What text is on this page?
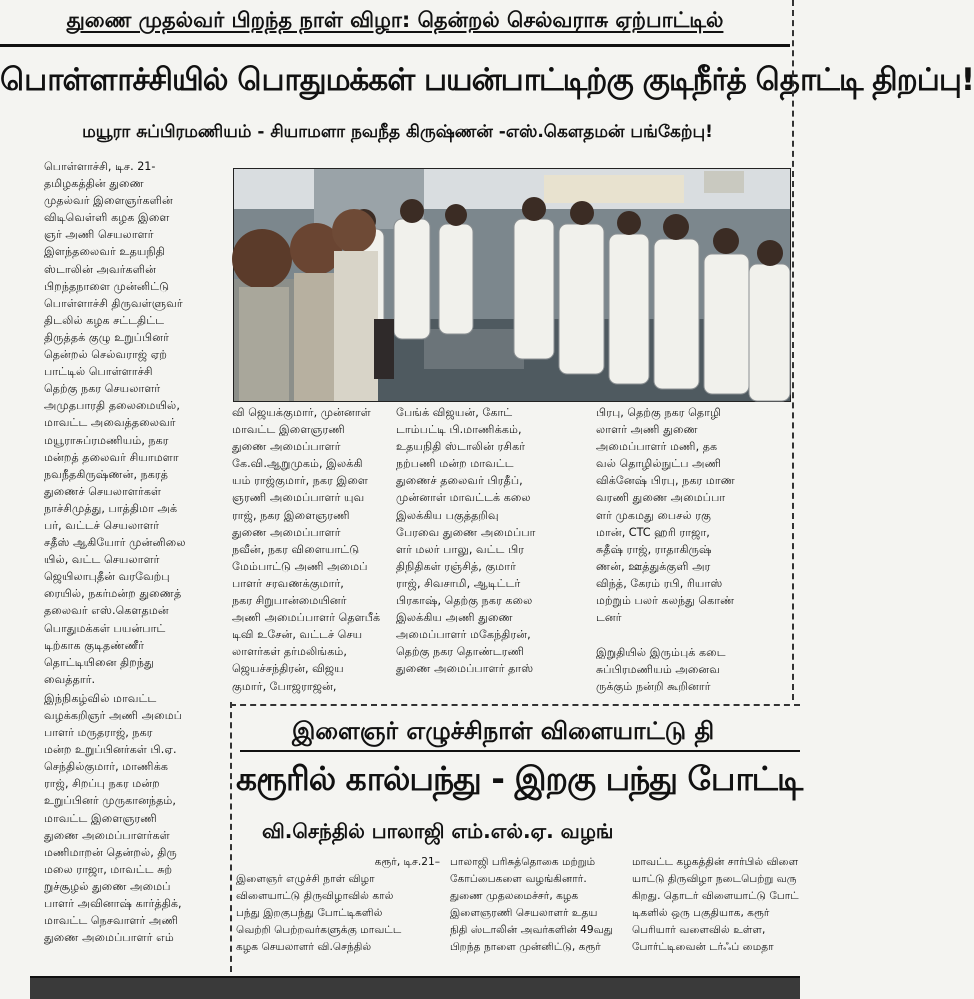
துணை முதல்வர் பிறந்த நாள் விழா: தென்றல் செல்வராசு ஏற்பாட்டில்
பொள்ளாச்சியில் பொதுமக்கள் பயன்பாட்டிற்கு குடிநீர்த் தொட்டி திறப்பு!
மயூரா சுப்பிரமணியம் - சியாமளா நவநீத கிருஷ்ணன் -எஸ்.கௌதமன் பங்கேற்பு!

பொள்ளாச்சி, டிச. 21-

தமிழகத்தின் துணை
முதல்வர் இளைஞர்களின்
விடிவெள்ளி கழக இளை
ஞர் அணி செயலாளர்
இளந்தலைவர் உதயநிதி
ஸ்டாலின் அவர்களின்
பிறந்தநாளை முன்னிட்டு
பொள்ளாச்சி திருவள்ளுவர்
திடலில் கழக சட்டதிட்ட
திருத்தக் குழு உறுப்பினர்
தென்றல் செல்வராஜ் ஏற்
பாட்டில் பொள்ளாச்சி
தெற்கு நகர செயலாளர்
அமுதபாரதி தலைமையில்,
மாவட்ட அவைத்தலைவர்
மயூராசுப்ரமணியம், நகர
மன்றத் தலைவர் சியாமளா
நவநீதகிருஷ்ணன், நகரத்
துணைச் செயலாளர்கள்
நாச்சிமுத்து, பாத்திமா அக்
பர், வட்டச் செயலாளர்
சதீஸ் ஆகியோர் முன்னிலை
யில், வட்ட செயலாளர்
ஜெயிலாபுதீன் வரவேற்பு
ரையில், நகர்மன்ற துணைத்
தலைவர் எஸ்.கௌதமன்
பொதுமக்கள் பயன்பாட்
டிற்காக குடிதண்ணீர்
தொட்டியினை திறந்து
வைத்தார்.

இந்நிகழ்வில் மாவட்ட
வழக்கறிஞர் அணி அமைப்
பாளர் மருதராஜ், நகர
மன்ற உறுப்பினர்கள் பி.ஏ.
செந்தில்குமார், மாணிக்க
ராஜ், சிறப்பு நகர மன்ற
உறுப்பினர் முருகானந்தம்,
மாவட்ட இளைஞரணி
துணை அமைப்பாளர்கள்
மணிமாறன் தென்றல், திரு
மலை ராஜா, மாவட்ட சுற்
றுச்சூழல் துணை அமைப்
பாளர் அவினாஷ் கார்த்திக்,
மாவட்ட நெசவாளர் அணி
துணை அமைப்பாளர் எம்

வி ஜெயக்குமார், முன்னாள்
மாவட்ட இளைஞரணி
துணை அமைப்பாளர்
கே.வி.ஆறுமுகம், இலக்கி
யம் ராஜ்குமார், நகர இளை
ஞரணி அமைப்பாளர் யுவ
ராஜ், நகர இளைஞரணி
துணை அமைப்பாளர்
நவீன், நகர விளையாட்டு
மேம்பாட்டு அணி அமைப்
பாளர் சரவணக்குமார்,
நகர சிறுபான்மையினர்
அணி அமைப்பாளர் தெளபீக்
டிவி உசேன், வட்டச் செய
லாளர்கள் தர்மலிங்கம்,
ஜெயச்சந்திரன், விஜய
குமார், போஜராஜன்,

பேங்க் விஜயன், கோட்
டாம்பட்டி பி.மாணிக்கம்,
உதயநிதி ஸ்டாலின் ரசிகர்
நற்பணி மன்ற மாவட்ட
துணைச் தலைவர் பிரதீப்,
முன்னாள் மாவட்டக் கலை
இலக்கிய பகுத்தறிவு
பேரவை துணை அமைப்பா
ளர் மலர் பாலு, வட்ட பிர
திநிதிகள் ரஞ்சித், குமார்
ராஜ், சிவசாமி, ஆடிட்டர்
பிரகாஷ், தெற்கு நகர கலை
இலக்கிய அணி துணை
அமைப்பாளர் மகேந்திரன்,
தெற்கு நகர தொண்டரணி
துணை அமைப்பாளர் தாஸ்

பிரபு, தெற்கு நகர தொழி
லாளர் அணி துணை
அமைப்பாளர் மணி, தக
வல் தொழில்நுட்ப அணி
விக்னேஷ் பிரபு, நகர மாண
வரணி துணை அமைப்பா
ளர் முகமது பைசல் ரகு
மான், CTC ஹரி ராஜா,
சுதீஷ் ராஜ், ராதாகிருஷ்
ணன், ஊத்துக்குளி அர
விந்த், கேரம் ரபி, ரியாஸ்
மற்றும் பலர் கலந்து கொண்
டனர்

இறுதியில் இரும்புக் கடை
சுப்பிரமணியம் அனைவ
ருக்கும் நன்றி கூறினார்

இளைஞர் எழுச்சிநாள் விளையாட்டு தி
கரூரில் கால்பந்து - இறகு பந்து போட்டி
வி.செந்தில் பாலாஜி எம்.எல்.ஏ. வழங்

கரூர், டிச.21–

இளைஞர் எழுச்சி நாள் விழா
விளையாட்டு திருவிழாவில் கால்
பந்து இறகுபந்து போட்டிகளில்
வெற்றி பெற்றவர்களுக்கு மாவட்ட
கழக செயலாளர் வி.செந்தில்

பாலாஜி பரிசுத்தொகை மற்றும்
கோப்பைகளை வழங்கினார்.
துணை முதலமைச்சர், கழக
இளைஞரணி செயலாளர் உதய
நிதி ஸ்டாலின் அவர்களின் 49வது
பிறந்த நாளை முன்னிட்டு, கரூர்

மாவட்ட கழகத்தின் சார்பில் விளை
யாட்டு திருவிழா நடைபெற்று வரு
கிறது. தொடர் விளையாட்டு போட்
டிகளில் ஒரு பகுதியாக, கரூர்
பெரியார் வளைவில் உள்ள,
போர்ட்டிவைன் டர்ஃப் மைதா
